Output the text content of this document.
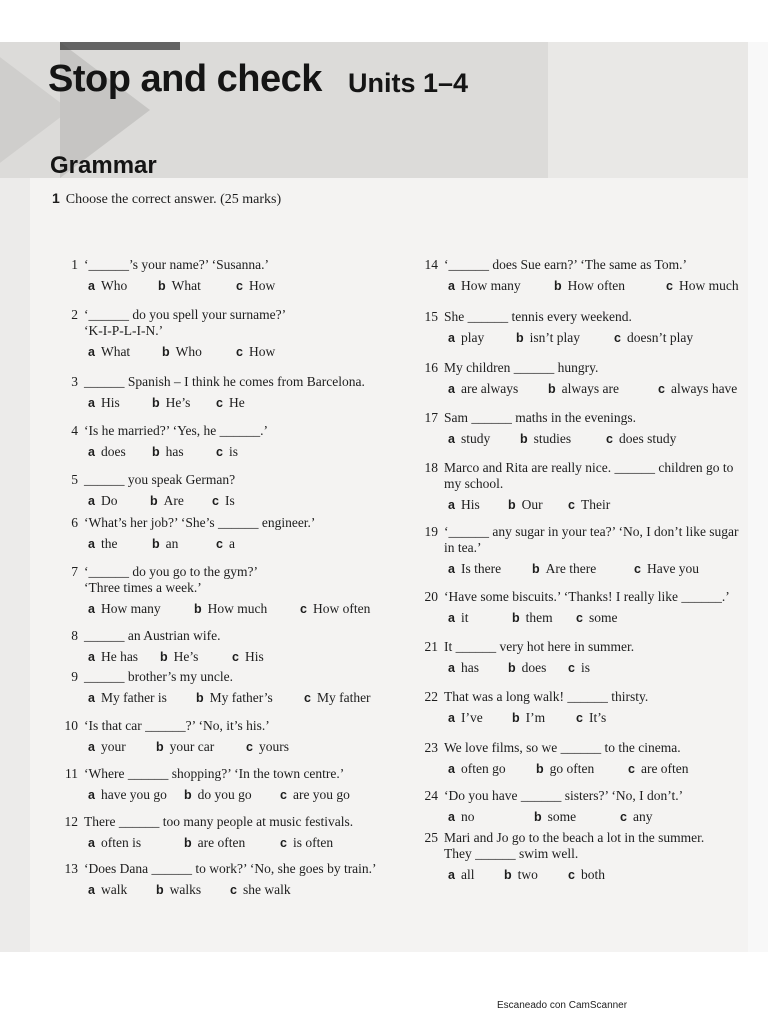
Stop and check Units 1–4
Grammar
1 Choose the correct answer. (25 marks)
1 ‘______’s your name?’ ‘Susanna.’
a Who	b What	c How
2 ‘______ do you spell your surname?’
‘K-I-P-L-I-N.’
a What	b Who	c How
3 ______ Spanish – I think he comes from Barcelona.
a His	b He’s	c He
4 ‘Is he married?’ ‘Yes, he ______.’
a does	b has	c is
5 ______ you speak German?
a Do	b Are	c Is
6 ‘What’s her job?’ ‘She’s ______ engineer.’
a the	b an	c a
7 ‘______ do you go to the gym?’
‘Three times a week.’
a How many	b How much	c How often
8 ______ an Austrian wife.
a He has	b He’s	c His
9 ______ brother’s my uncle.
a My father is	b My father’s	c My father
10 ‘Is that car ______?’ ‘No, it’s his.’
a your	b your car	c yours
11 ‘Where ______ shopping?’ ‘In the town centre.’
a have you go	b do you go	c are you go
12 There ______ too many people at music festivals.
a often is	b are often	c is often
13 ‘Does Dana ______ to work?’ ‘No, she goes by train.’
a walk	b walks	c she walk
14 ‘______ does Sue earn?’ ‘The same as Tom.’
a How many	b How often	c How much
15 She ______ tennis every weekend.
a play	b isn’t play	c doesn’t play
16 My children ______ hungry.
a are always	b always are	c always have
17 Sam ______ maths in the evenings.
a study	b studies	c does study
18 Marco and Rita are really nice. ______ children go to
my school.
a His	b Our	c Their
19 ‘______ any sugar in your tea?’ ‘No, I don’t like sugar
in tea.’
a Is there	b Are there	c Have you
20 ‘Have some biscuits.’ ‘Thanks! I really like ______.’
a it	b them	c some
21 It ______ very hot here in summer.
a has	b does	c is
22 That was a long walk! ______ thirsty.
a I’ve	b I’m	c It’s
23 We love films, so we ______ to the cinema.
a often go	b go often	c are often
24 ‘Do you have ______ sisters?’ ‘No, I don’t.’
a no	b some	c any
25 Mari and Jo go to the beach a lot in the summer.
They ______ swim well.
a all	b two	c both
Escaneado con CamScanner
